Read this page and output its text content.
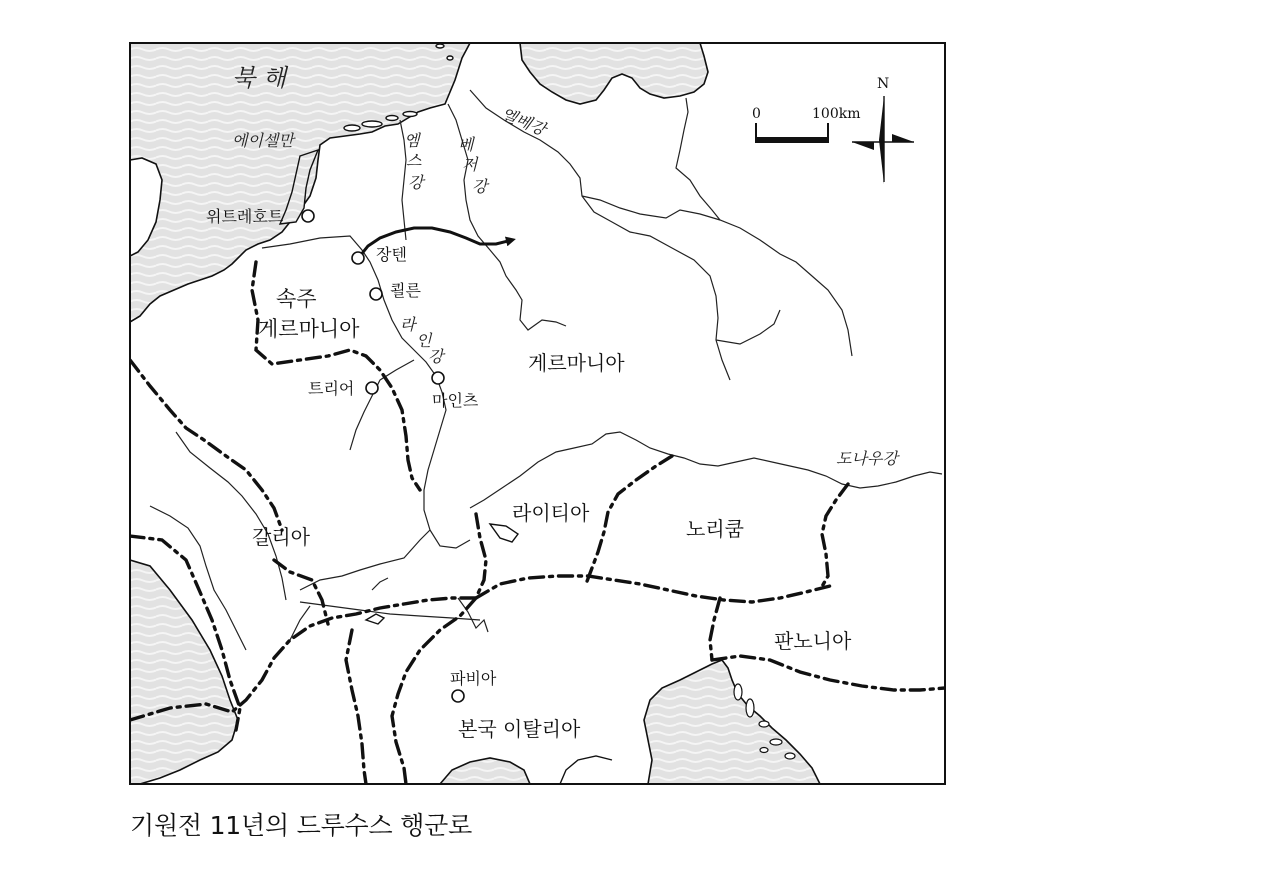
북 해
에이셀만
엘베강
베
저
강
엠
스
강
라
인
강
도나우강
속주
게르마니아
게르마니아
갈리아
라이티아
노리쿰
판노니아
본국 이탈리아
위트레호트
장텐
쾰른
트리어
마인츠
파비아
0	100km
N
기원전 11년의 드루수스 행군로
